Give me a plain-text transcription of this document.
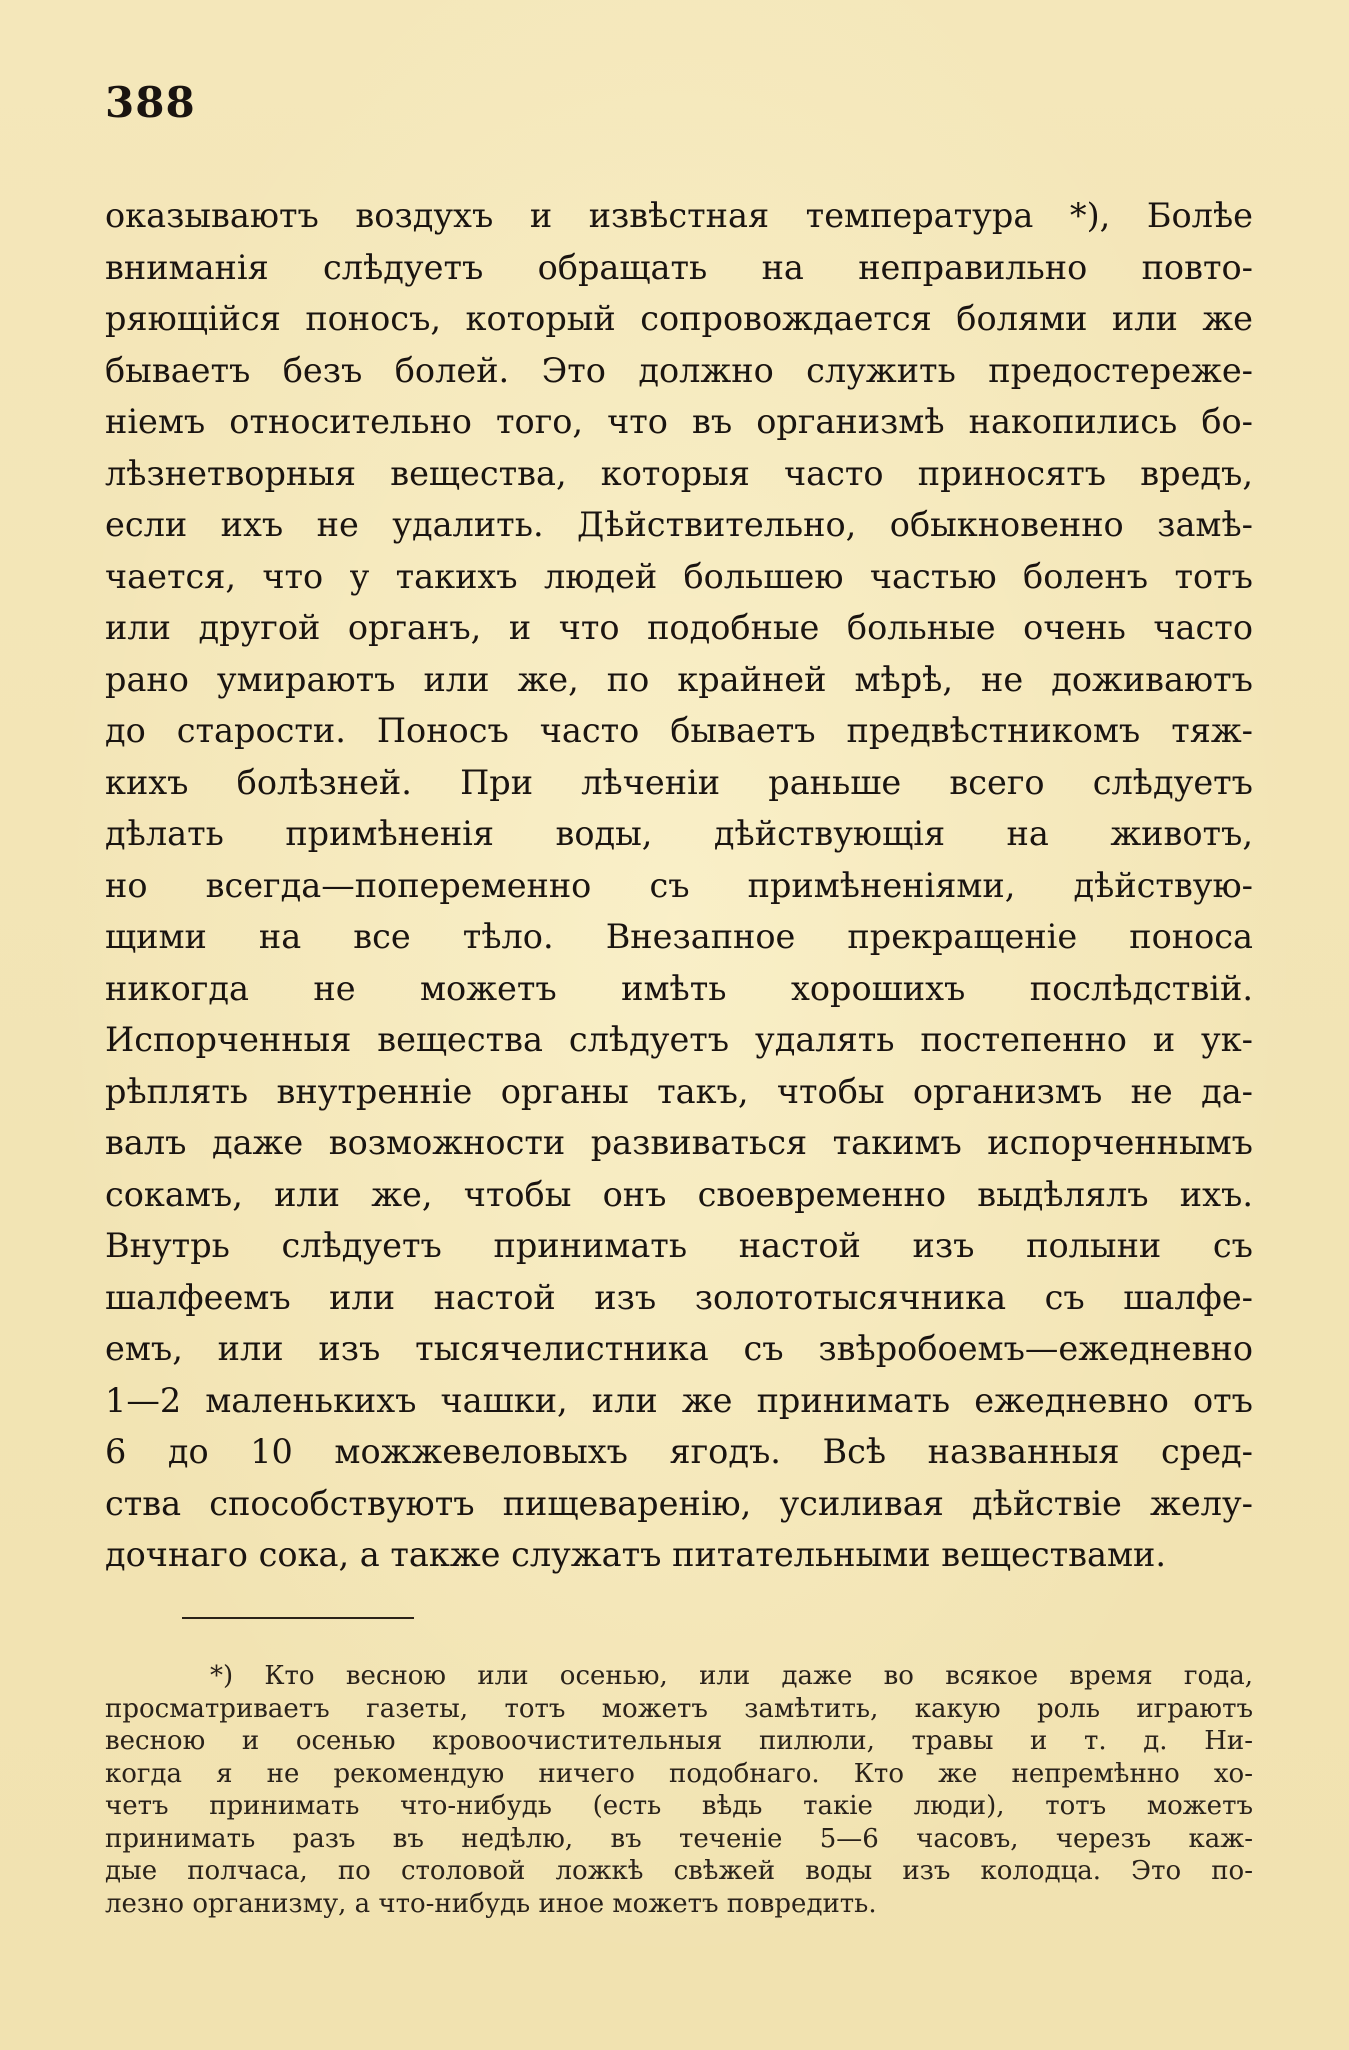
388
оказываютъ воздухъ и извѣстная температура *), Болѣе
вниманія слѣдуетъ обращать на неправильно повто-
ряющійся поносъ, который сопровождается болями или же
бываетъ безъ болей. Это должно служить предостереже-
ніемъ относительно того, что въ организмѣ накопились бо-
лѣзнетворныя вещества, которыя часто приносятъ вредъ,
если ихъ не удалить. Дѣйствительно, обыкновенно замѣ-
чается, что у такихъ людей большею частью боленъ тотъ
или другой органъ, и что подобные больные очень часто
рано умираютъ или же, по крайней мѣрѣ, не доживаютъ
до старости. Поносъ часто бываетъ предвѣстникомъ тяж-
кихъ болѣзней. При лѣченіи раньше всего слѣдуетъ
дѣлать примѣненія воды, дѣйствующія на животъ,
но всегда—попеременно съ примѣненіями, дѣйствую-
щими на все тѣло. Внезапное прекращеніе поноса
никогда не можетъ имѣть хорошихъ послѣдствій.
Испорченныя вещества слѣдуетъ удалять постепенно и ук-
рѣплять внутренніе органы такъ, чтобы организмъ не да-
валъ даже возможности развиваться такимъ испорченнымъ
сокамъ, или же, чтобы онъ своевременно выдѣлялъ ихъ.
Внутрь слѣдуетъ принимать настой изъ полыни съ
шалфеемъ или настой изъ золототысячника съ шалфе-
емъ, или изъ тысячелистника съ звѣробоемъ—ежедневно
1—2 маленькихъ чашки, или же принимать ежедневно отъ
6 до 10 можжевеловыхъ ягодъ. Всѣ названныя сред-
ства способствуютъ пищеваренію, усиливая дѣйствіе желу-
дочнаго сока, а также служатъ питательными веществами.
*) Кто весною или осенью, или даже во всякое время года,
просматриваетъ газеты, тотъ можетъ замѣтить, какую роль играютъ
весною и осенью кровоочистительныя пилюли, травы и т. д. Ни-
когда я не рекомендую ничего подобнаго. Кто же непремѣнно хо-
четъ принимать что-нибудь (есть вѣдь такіе люди), тотъ можетъ
принимать разъ въ недѣлю, въ теченіе 5—6 часовъ, черезъ каж-
дые полчаса, по столовой ложкѣ свѣжей воды изъ колодца. Это по-
лезно организму, а что-нибудь иное можетъ повредить.
